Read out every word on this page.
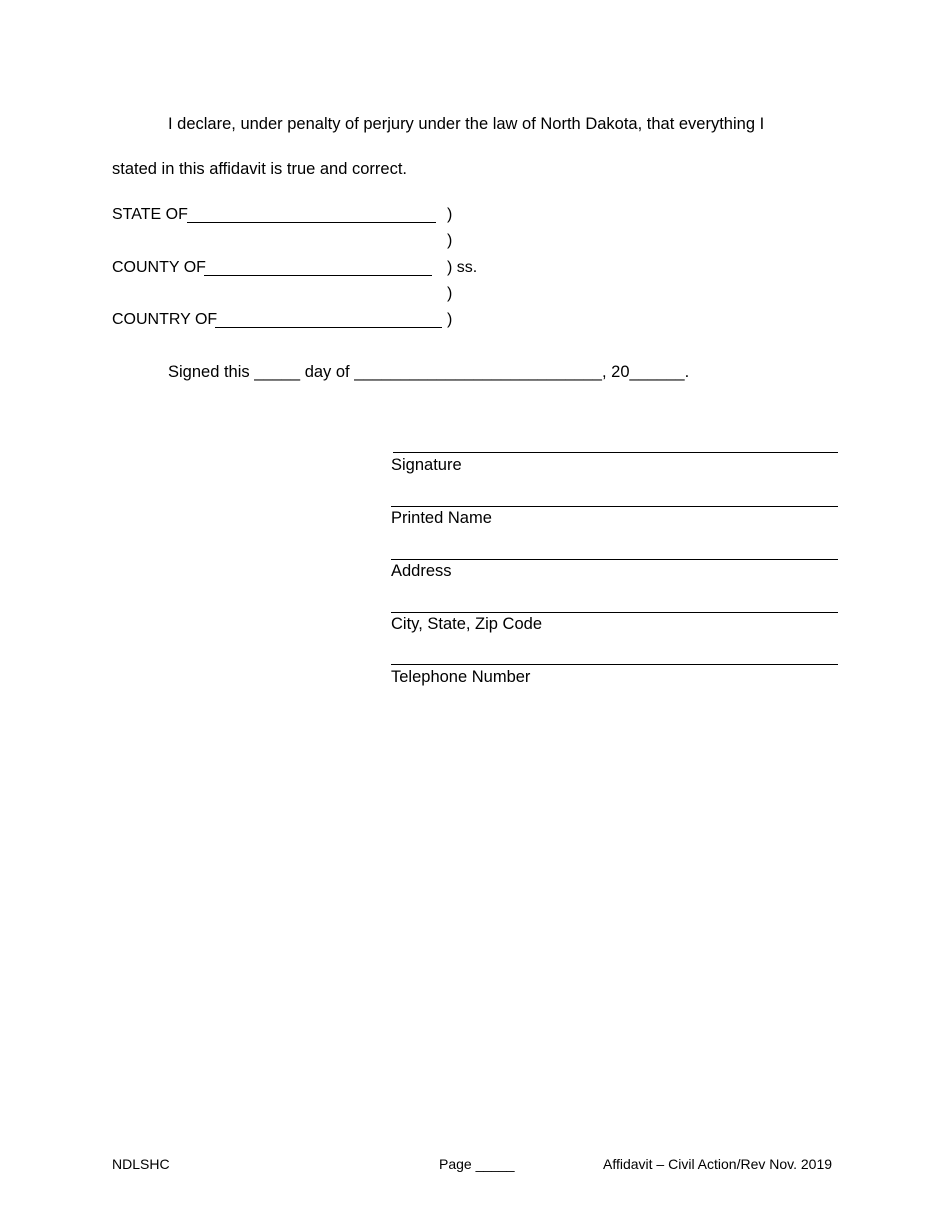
I declare, under penalty of perjury under the law of North Dakota, that everything I
stated in this affidavit is true and correct.
STATE OF	)
)
COUNTY OF	) ss.
)
COUNTRY OF	)
Signed this _____ day of ___________________________, 20______.
Signature
Printed Name
Address
City, State, Zip Code
Telephone Number
NDLSHC	Page _____	Affidavit – Civil Action/Rev Nov. 2019
